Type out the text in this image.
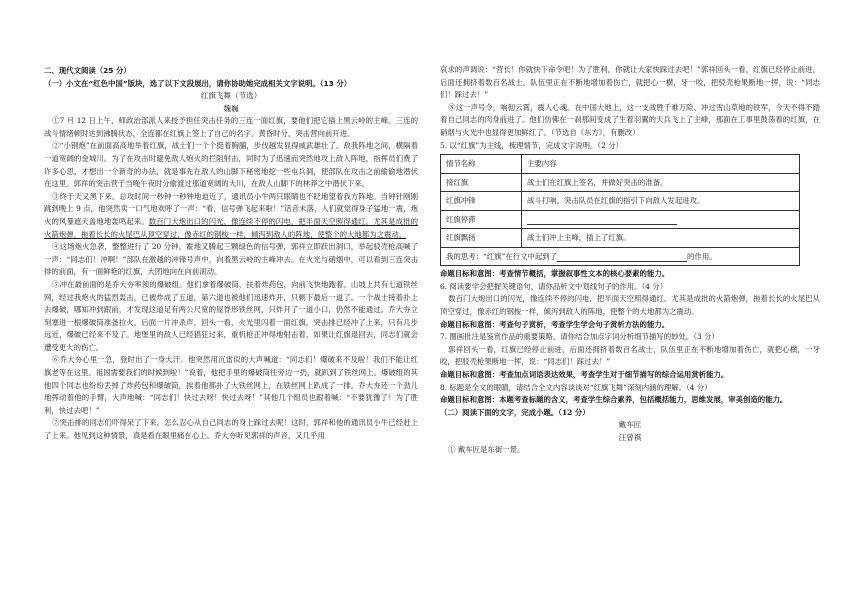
二、现代文阅读（25 分）
（一）小文在“红色中国”版块，选了以下文段展出，请你协助她完成相关文字说明。（13 分）

红旗飞舞（节选）

魏巍

①7 月 12 日上午，师政治部派人来授予担任突击任务的三连一面红旗，要他们把它插上黑云岭的主峰。三连的战斗情绪顿时达到沸腾状态，全连都在红旗上签上了自己的名字。黄昏时分，突击营向前开进。

②“小钢炮”在前面高高地举着红旗，战士们一个个挺着胸脯，步伐越发显得威武雄壮了。敌我阵地之间，横隔着一道宽阔的金城川。为了在攻击时避免敌人炮火的拦阻射击，同时为了迅速而突然地攻上敌人阵地，指挥员们费了许多心思，才想出一个新奇的办法，就是事先在敌人的山脚下秘密地挖一些屯兵洞，使部队在攻击之前偷偷地潜伏在这里。郭祥的突击营于当晚午夜时分偷渡过那道宽阔的大川，在敌人山脚下的林莽之中潜伏下来。

③终于天又黑下来。总攻时间一秒钟一秒钟地迫近了，通讯员小牛两只眼睛也不眨地望着我方阵地。当钟针刚刚跳到晚上 9 点，他突然卖一口气地欢呼了一声：“看，信号弹飞起来啦！”话音未落，人们就觉得身子猛地一震，炮火的风暴遮天盖地地轰鸣起来。数百门大炮出口的闪光，像连续不停的闪电，把半面天空照得通红。尤其是成批的火箭炮弹，拖着长长的火尾巴从顶空穿过，像赤红的钢梭一样，倾泻到敌人的阵地，使整个的大地都为之震动。

④这场炮火急袭，整整进行了 20 分钟。霍地又腾起三颗绿色的信号弹，郭祥立即跃出洞口，举起驳壳枪高喊了一声：“同志们！冲啊！”部队在激越的冲锋号声中，向着黑云岭的主峰冲去。在火光与硝烟中，可以看到三连突击排的前面，有一面鲜艳的红旗，大团地向在向前滚动。

⑤冲在最前面的是乔大夯率领的爆破组。他们拿着爆破筒，扶着炸药包，向前飞快地跑着。山坡上共有七道铁丝网，经过我炮火的猛烈轰击，已被炸成了五道，第六道也被他们迅速炸开，只剩下最后一道了。一个战士接着扑上去爆破，哪知冲到跟前，才发现这道足有两公尺宽的屋脊形铁丝网，只炸开了一道小口，仍然不能通过。乔大夯立刻塞进一根爆破筒准备拉火，后面一片冲杀声，回头一看，火光里闪着一面红旗，突击排已经冲了上来，只有几步远近，爆破已经来不及了。地堡里的敌人已经猖狂过来，重机枪正冲得地射击着，如果让红旗退回去，同志们就会遭受更大的伤亡。

⑥乔大夯心里一急，登时出了一身大汗。他突然用沉雷似的大声喊道：“同志们！爆破来不及啦！我们不能让红旗老等在这里。祖国需要我们的时候到啦！”说着，他把手里的爆破筒往旁边一扔，就趴到了铁丝网上。爆破组的其他四个同志也纷纷丢掉了炸药包和爆破筒，挨着他都扑了大铁丝网上，在铁丝网上趴成了一排。乔大夯还一个劲儿地挥动着他的手臂，大声地喊：“同志们！快过去呀！快过去呀！”其他几个组员也跟着喊：“不要犹豫了！为了胜利，快过去吧！”

⑦突击排的同志们吓得呆了下来，怎么忍心从自己同志的身上踩过去呢！这时，郭祥和他的通讯员小牛已经赶上了上来。他见到这种情景，真是看在眼里痛在心上。乔大夯听见郭祥的声音，又几乎用

哀求的声调说：“营长！你就快下命令吧！为了胜利，你就让大家快踩过去吧！”郭祥回头一看，红旗已经停止前进，后面还拥挤着数百名战士，队伍里正在不断地增加着伤亡，就把心一横，牙一咬，把驳壳枪果断地一挥，说：“同志们！踩过去！”

⑧这一声号令，响彻云霄，震人心魂。在中国大地上，这一支战胜千难万险、冲过雪山草地的铁军，今天不得不踏着自己同志的肉身前进了。他们仿佛在一刹那间变成了生着羽翼的天兵飞上了主峰，那面在工事里鼓荡着的红旗，在硝烟与火光中也显得更加鲜红了。（节选自《东方》，有删改）

5. 以“红旗”为主线，梳理情节，完成文字说明。（2 分）

情节名称	主要内容
接红旗	战士们在红旗上签名，并做好突击的准备。
红旗冲锋	战斗打响，突击队员在红旗的指引下向敌人发起进攻。
红旗停滞	

红旗飘扬	战士们冲上主峰，插上了红旗。
我的思考：“红旗”在行文中起到了 的作用。	

命题目标和意图：考查情节概括，掌握叙事性文本的核心要素的能力。

6. 阅读要学会把握关键语句，请你品析文中划线句子的作用。（4 分）

数百门大炮出口的闪光，像连续不停的闪电，把半面天空照得通红。尤其是成批的火箭炮弹，拖着长长的火尾巴从顶空穿过，像赤红的钢梭一样，倾泻到敌人的阵地，使整个的大地都为之震动。

命题目标和意图：考查句子赏析，考查学生学会句子赏析方法的能力。

7. 圈画批注是鉴赏作品的重要策略，请你结合加点字词分析细节描写的妙处。（3 分）

郭祥回头一看，红旗已经停止前进，后面还拥挤着数百名战士，队伍里正在不断地增加着伤亡，就把心横，一牙咬，把驳壳枪果断地一挥，说：“同志们！踩过去！”

命题目标和意图：考查加点词语表达效果，考查学生对于细节描写的综合运用赏析能力。

8. 标题是全文的眼睛，请结合全文内容谈谈对“红旗飞舞”深刻内涵的理解。（4 分）

命题目标和意图：本题考查标题的含义，考查学生综合素养，包括概括能力，思维发展，审美创造的能力。

（二）阅读下面的文字，完成小题。（12 分）

戴车匠

汪曾祺

① 戴车匠是东街一景。
